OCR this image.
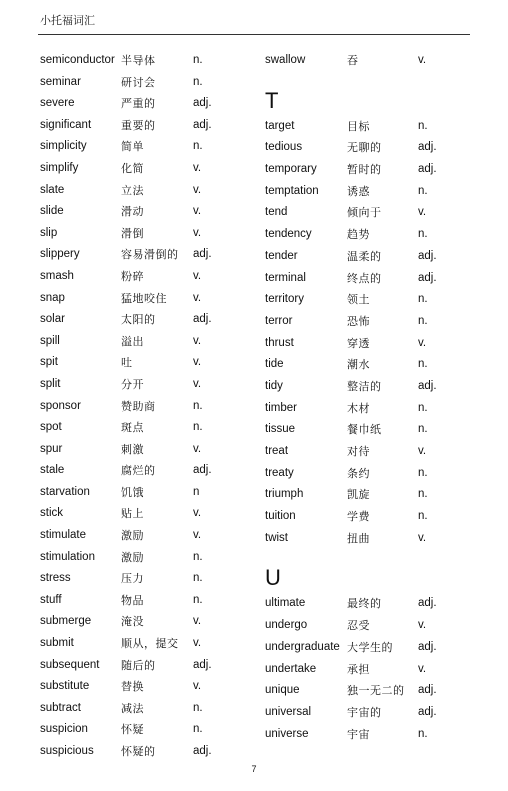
小托福词汇
semiconductor 半导体	n.
seminar	研讨会	n.
severe	严重的	adj.
significant	重要的	adj.
simplicity	简单	n.
simplify	化简	v.
slate	立法	v.
slide	滑动	v.
slip	滑倒	v.
slippery	容易滑倒的 adj.
smash	粉碎	v.
snap	猛地咬住 v.
solar	太阳的	adj.
spill	溢出	v.
spit	吐	v.
split	分开	v.
sponsor	赞助商	n.
spot	斑点	n.
spur	刺激	v.
stale	腐烂的	adj.
starvation	饥饿	n
stick	贴上	v.
stimulate	激励	v.
stimulation 激励	n.
stress	压力	n.
stuff	物品	n.
submerge	淹没	v.
submit	顺从，提交 v.
subsequent 随后的	adj.
substitute	替换	v.
subtract	减法	n.
suspicion	怀疑	n.
suspicious 怀疑的	adj.
swallow	吞	v.
T
target	目标	n.
tedious	无聊的	adj.
temporary	暂时的	adj.
temptation	诱惑	n.
tend	倾向于	v.
tendency	趋势	n.
tender	温柔的	adj.
terminal	终点的	adj.
territory	领土	n.
terror	恐怖	n.
thrust	穿透	v.
tide	潮水	n.
tidy	整洁的	adj.
timber	木材	n.
tissue	餐巾纸	n.
treat	对待	v.
treaty	条约	n.
triumph	凯旋	n.
tuition	学费	n.
twist	扭曲	v.
U
ultimate	最终的	adj.
undergo	忍受	v.
undergraduate 大学生的 adj.
undertake	承担	v.
unique	独一无二的 adj.
universal	宇宙的	adj.
universe	宇宙	n.
7
